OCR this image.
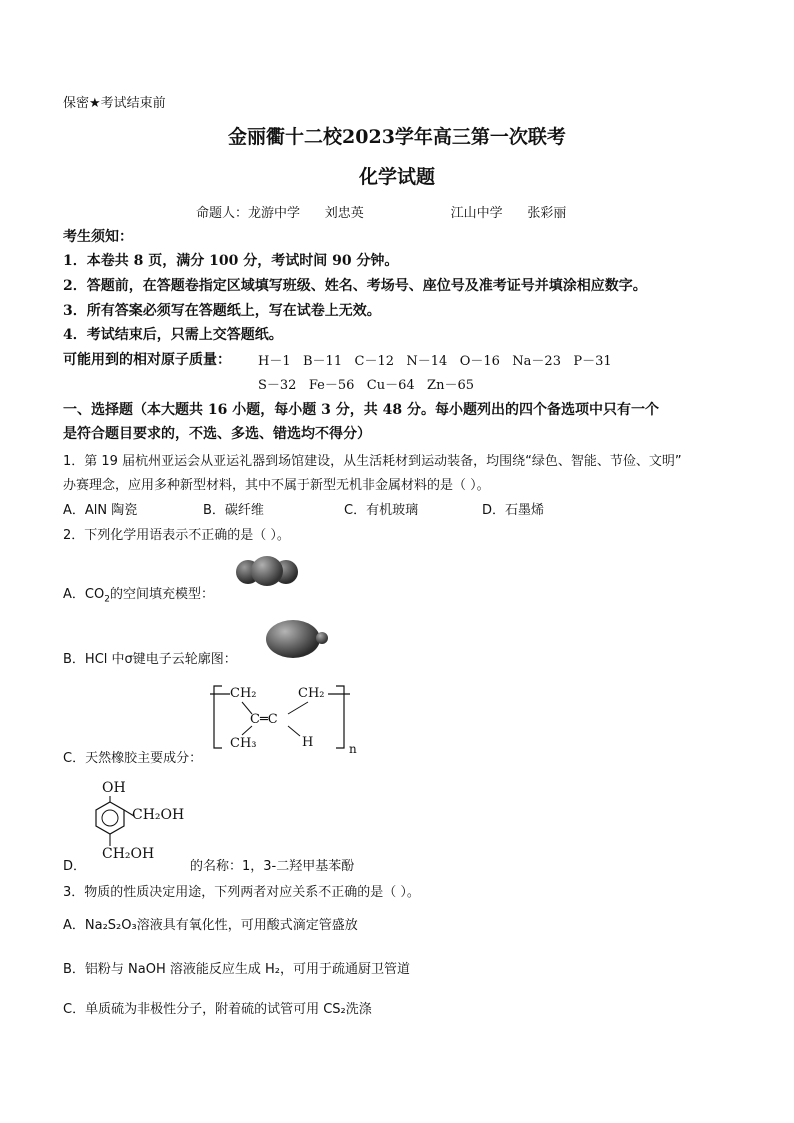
保密★考试结束前
金丽衢十二校2023学年高三第一次联考
化学试题
命题人：龙游中学      刘忠英                     江山中学      张彩丽
考生须知：
1．本卷共 8 页，满分 100 分，考试时间 90 分钟。
2．答题前，在答题卷指定区域填写班级、姓名、考场号、座位号及准考证号并填涂相应数字。
3．所有答案必须写在答题纸上，写在试卷上无效。
4．考试结束后，只需上交答题纸。
可能用到的相对原子质量： H－1   B－11   C－12   N－14   O－16   Na－23   P－31
S－32   Fe－56   Cu－64   Zn－65
一、选择题（本大题共 16 小题，每小题 3 分，共 48 分。每小题列出的四个备选项中只有一个
是符合题目要求的，不选、多选、错选均不得分）
1．第 19 届杭州亚运会从亚运礼器到场馆建设，从生活耗材到运动装备，均围绕“绿色、智能、节俭、文明”
办赛理念，应用多种新型材料，其中不属于新型无机非金属材料的是（ ）。
A．AlN 陶瓷	B．碳纤维	C．有机玻璃	D．石墨烯
2．下列化学用语表示不正确的是（ ）。
A．$CO_2$的空间填充模型：
B．HCl 中σ键电子云轮廓图：
C．天然橡胶主要成分：
CH₂	CH₂
C═C
CH₃	H	n
D．
OH
CH₂OH
CH₂OH
的名称：1，3-二羟甲基苯酚
3．物质的性质决定用途，下列两者对应关系不正确的是（ ）。
A．Na₂S₂O₃溶液具有氧化性，可用酸式滴定管盛放
B．铝粉与 NaOH 溶液能反应生成 H₂，可用于疏通厨卫管道
C．单质硫为非极性分子，附着硫的试管可用 CS₂洗涤
